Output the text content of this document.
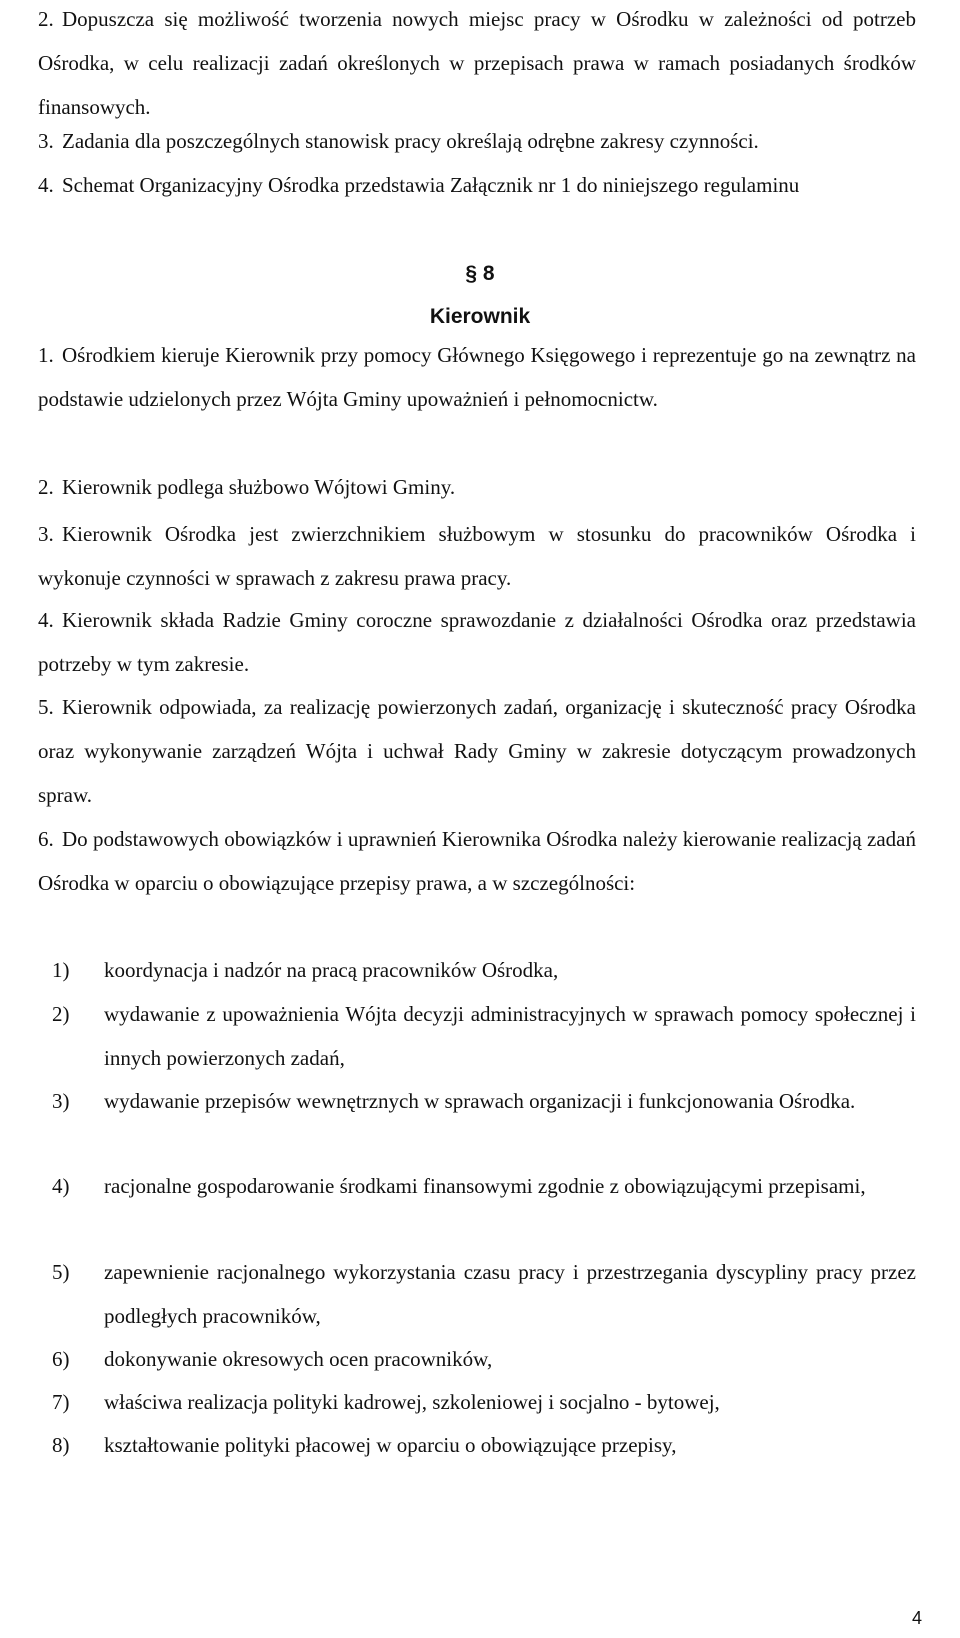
2. Dopuszcza się możliwość tworzenia nowych miejsc pracy w Ośrodku w zależności od potrzeb Ośrodka, w celu realizacji zadań określonych w przepisach prawa w ramach posiadanych środków finansowych.

3. Zadania dla poszczególnych stanowisk pracy określają odrębne zakresy czynności.

4. Schemat Organizacyjny Ośrodka przedstawia Załącznik nr 1 do niniejszego regulaminu

§ 8

Kierownik

1. Ośrodkiem kieruje Kierownik przy pomocy Głównego Księgowego i reprezentuje go na zewnątrz na podstawie udzielonych przez Wójta Gminy upoważnień i pełnomocnictw.

2. Kierownik podlega służbowo Wójtowi Gminy.

3. Kierownik Ośrodka jest zwierzchnikiem służbowym w stosunku do pracowników Ośrodka i wykonuje czynności w sprawach z zakresu prawa pracy.

4. Kierownik składa Radzie Gminy coroczne sprawozdanie z działalności Ośrodka oraz przedstawia potrzeby w tym zakresie.

5. Kierownik odpowiada, za realizację powierzonych zadań, organizację i skuteczność pracy Ośrodka oraz wykonywanie zarządzeń Wójta i uchwał Rady Gminy w zakresie dotyczącym prowadzonych spraw.

6. Do podstawowych obowiązków i uprawnień Kierownika Ośrodka należy kierowanie realizacją zadań Ośrodka w oparciu o obowiązujące przepisy prawa, a w szczególności:

1)	koordynacja i nadzór na pracą pracowników Ośrodka,
2)	wydawanie z upoważnienia Wójta decyzji administracyjnych w sprawach pomocy społecznej i innych powierzonych zadań,
3)	wydawanie przepisów wewnętrznych w sprawach organizacji i funkcjonowania Ośrodka.
4)	racjonalne gospodarowanie środkami finansowymi zgodnie z obowiązującymi przepisami,
5)	zapewnienie racjonalnego wykorzystania czasu pracy i przestrzegania dyscypliny pracy przez podległych pracowników,
6)	dokonywanie okresowych ocen pracowników,
7)	właściwa realizacja polityki kadrowej, szkoleniowej i socjalno - bytowej,
8)	kształtowanie polityki płacowej w oparciu o obowiązujące przepisy,
4
